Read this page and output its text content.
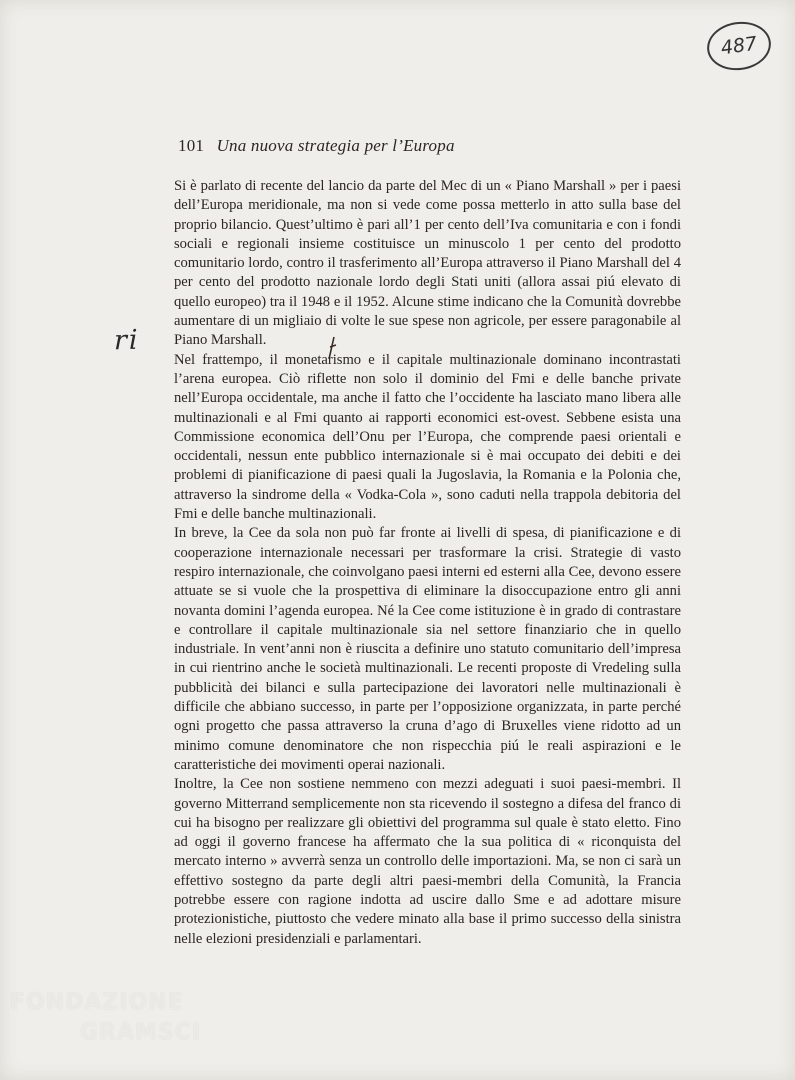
487
101 Una nuova strategia per l’Europa
ri

Si è parlato di recente del lancio da parte del Mec di un « Piano Marshall » per i paesi dell’Europa meridionale, ma non si vede come possa metterlo in atto sulla base del proprio bilancio. Quest’ultimo è pari all’1 per cento dell’Iva comunitaria e con i fondi sociali e regionali insieme costituisce un minuscolo 1 per cento del prodotto comunitario lordo, contro il trasferimento all’Europa attraverso il Piano Marshall del 4 per cento del prodotto nazionale lordo degli Stati uniti (allora assai piú elevato di quello europeo) tra il 1948 e il 1952. Alcune stime indicano che la Comunità dovrebbe aumentare di un migliaio di volte le sue spese non agricole, per essere paragonabile al Piano Marshall.

Nel frattempo, il monetarismo e il capitale multinazionale dominano incontrastati l’arena europea. Ciò riflette non solo il dominio del Fmi e delle banche private nell’Europa occidentale, ma anche il fatto che l’occidente ha lasciato mano libera alle multinazionali e al Fmi quanto ai rapporti economici est-ovest. Sebbene esista una Commissione economica dell’Onu per l’Europa, che comprende paesi orientali e occidentali, nessun ente pubblico internazionale si è mai occupato dei debiti e dei problemi di pianificazione di paesi quali la Jugoslavia, la Romania e la Polonia che, attraverso la sindrome della « Vodka-Cola », sono caduti nella trappola debitoria del Fmi e delle banche multinazionali.

In breve, la Cee da sola non può far fronte ai livelli di spesa, di pianificazione e di cooperazione internazionale necessari per trasformare la crisi. Strategie di vasto respiro internazionale, che coinvolgano paesi interni ed esterni alla Cee, devono essere attuate se si vuole che la prospettiva di eliminare la disoccupazione entro gli anni novanta domini l’agenda europea. Né la Cee come istituzione è in grado di contrastare e controllare il capitale multinazionale sia nel settore finanziario che in quello industriale. In vent’anni non è riuscita a definire uno statuto comunitario dell’impresa in cui rientrino anche le società multinazionali. Le recenti proposte di Vredeling sulla pubblicità dei bilanci e sulla partecipazione dei lavoratori nelle multinazionali è difficile che abbiano successo, in parte per l’opposizione organizzata, in parte perché ogni progetto che passa attraverso la cruna d’ago di Bruxelles viene ridotto ad un minimo comune denominatore che non rispecchia piú le reali aspirazioni e le caratteristiche dei movimenti operai nazionali.

Inoltre, la Cee non sostiene nemmeno con mezzi adeguati i suoi paesi-membri. Il governo Mitterrand semplicemente non sta ricevendo il sostegno a difesa del franco di cui ha bisogno per realizzare gli obiettivi del programma sul quale è stato eletto. Fino ad oggi il governo francese ha affermato che la sua politica di « riconquista del mercato interno » avverrà senza un controllo delle importazioni. Ma, se non ci sarà un effettivo sostegno da parte degli altri paesi-membri della Comunità, la Francia potrebbe essere con ragione indotta ad uscire dallo Sme e ad adottare misure protezionistiche, piuttosto che vedere minato alla base il primo successo della sinistra nelle elezioni presidenziali e parlamentari.

FONDAZIONE
GRAMSCI
